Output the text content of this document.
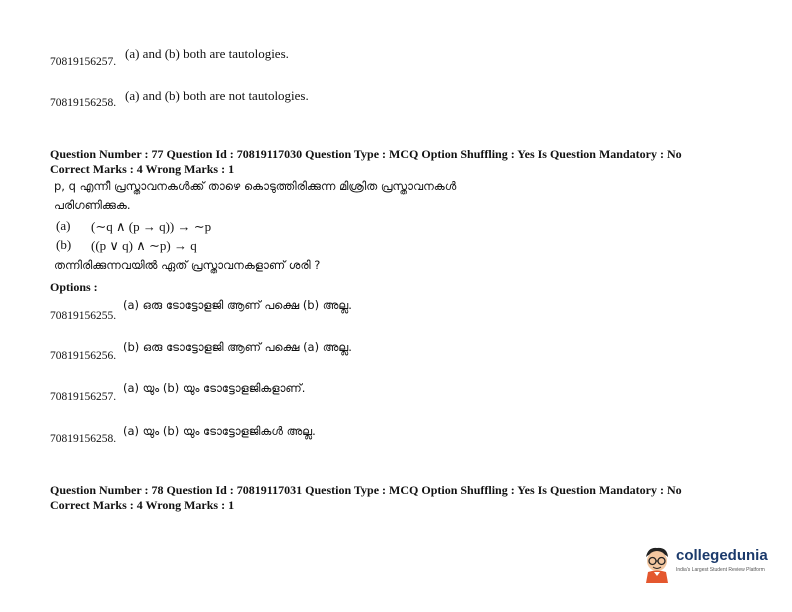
70819156257.
(a) and (b) both are tautologies.
70819156258. (a) and (b) both are not tautologies.
Question Number : 77 Question Id : 70819117030 Question Type : MCQ Option Shuffling : Yes Is Question Mandatory : No
Correct Marks : 4 Wrong Marks : 1
p, q എന്നീ പ്രസ്താവനകൾക്ക് താഴെ കൊടുത്തിരിക്കുന്ന മിശ്രിത പ്രസ്താവനകൾ
പരിഗണിക്കുക.
(a) (∼q ∧ (p → q)) → ∼p
(b) ((p ∨ q) ∧ ∼p) → q
തന്നിരിക്കുന്നവയിൽ ഏത് പ്രസ്താവനകളാണ് ശരി ?
Options :
70819156255.
(a) ഒരു ടോട്ടോളജി ആണ് പക്ഷെ (b) അല്ല.
70819156256.
(b) ഒരു ടോട്ടോളജി ആണ് പക്ഷെ (a) അല്ല.
70819156257.
(a) യും (b) യും ടോട്ടോളജികളാണ്.
70819156258.
(a) യും (b) യും ടോട്ടോളജികൾ അല്ല.
Question Number : 78 Question Id : 70819117031 Question Type : MCQ Option Shuffling : Yes Is Question Mandatory : No
Correct Marks : 4 Wrong Marks : 1
collegedunia
India's Largest Student Review Platform
